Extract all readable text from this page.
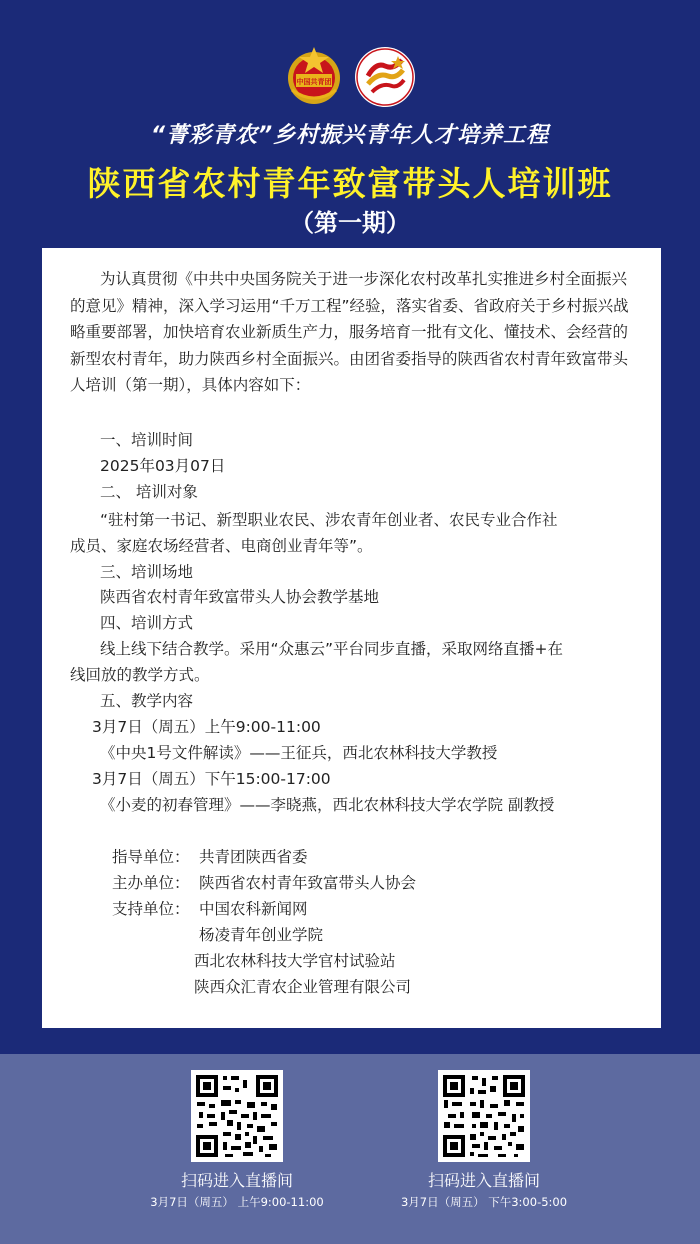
中国共青团
“菁彩青农”乡村振兴青年人才培养工程
陕西省农村青年致富带头人培训班
（第一期）

为认真贯彻《中共中央国务院关于进一步深化农村改革扎实推进乡村全面振兴的意见》精神，深入学习运用“千万工程”经验，落实省委、省政府关于乡村振兴战略重要部署，加快培育农业新质生产力，服务培育一批有文化、懂技术、会经营的新型农村青年，助力陕西乡村全面振兴。由团省委指导的陕西省农村青年致富带头人培训（第一期），具体内容如下：

一、培训时间
2025年03月07日
二、 培训对象
“驻村第一书记、新型职业农民、涉农青年创业者、农民专业合作社
成员、家庭农场经营者、电商创业青年等”。
三、培训场地
陕西省农村青年致富带头人协会教学基地
四、培训方式
线上线下结合教学。采用“众惠云”平台同步直播，采取网络直播+在
线回放的教学方式。
五、教学内容
3月7日（周五）上午9:00-11:00
《中央1号文件解读》——王征兵，西北农林科技大学教授
3月7日（周五）下午15:00-17:00
《小麦的初春管理》——李晓燕，西北农林科技大学农学院 副教授
指导单位： 共青团陕西省委
主办单位： 陕西省农村青年致富带头人协会
支持单位： 中国农科新闻网
杨凌青年创业学院
西北农林科技大学官村试验站
陕西众汇青农企业管理有限公司
扫码进入直播间
3月7日（周五） 上午9:00-11:00
扫码进入直播间
3月7日（周五） 下午3:00-5:00
